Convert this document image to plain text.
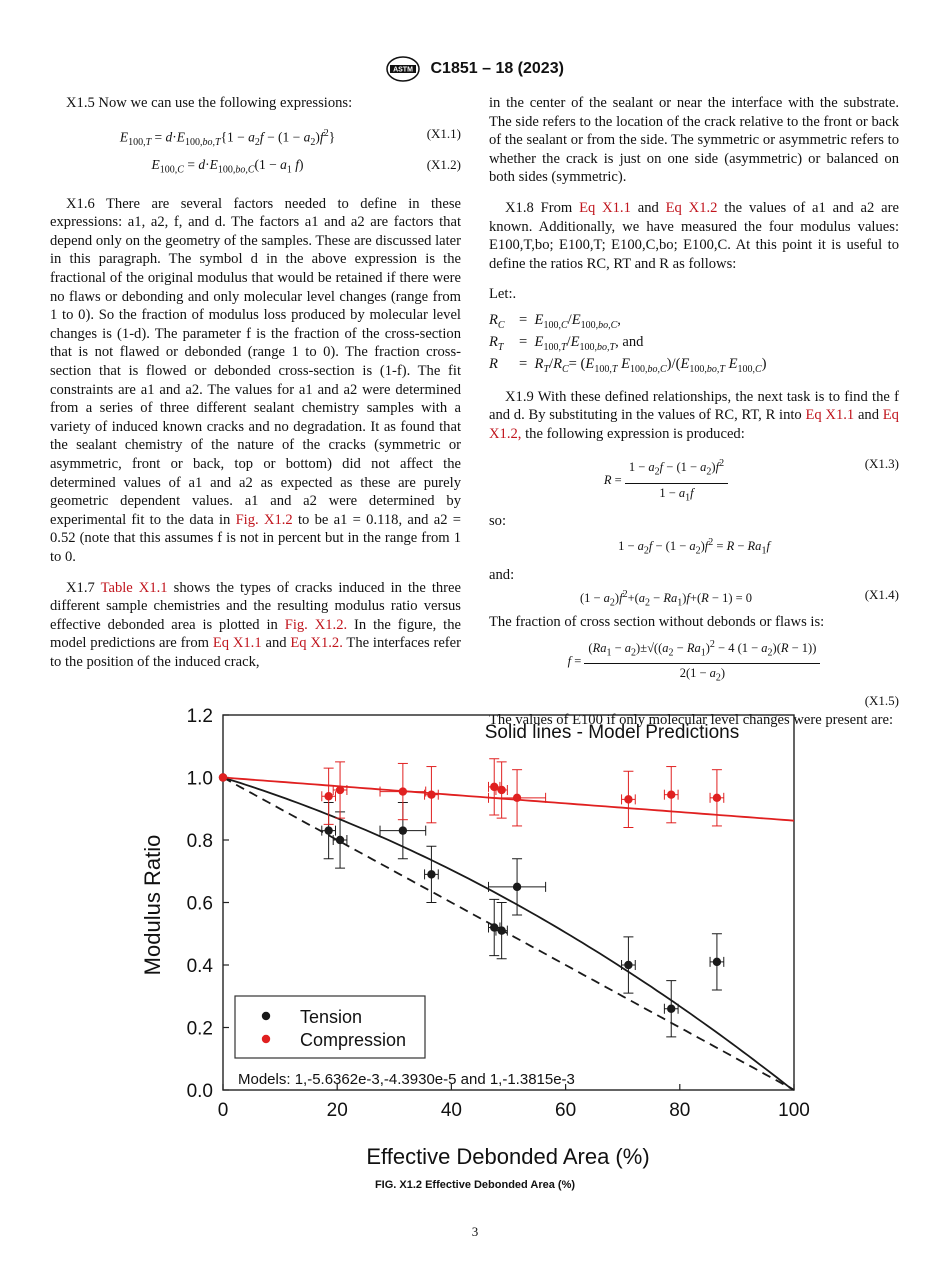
ASTM C1851 – 18 (2023)

X1.5 Now we can use the following expressions:

$E_{100,T} = d\cdot E_{100,bo,T}\{1 - a_2f - (1 - a_2)f^2\}$	(X1.1)
$E_{100,C} = d\cdot E_{100,bo,C}(1 - a_1$ f)	(X1.2)

X1.6 There are several factors needed to define in these expressions: a1, a2, f, and d. The factors a1 and a2 are factors that depend only on the geometry of the samples. These are discussed later in this paragraph. The symbol d in the above expression is the fractional of the original modulus that would be retained if there were no flaws or debonding and only molecular level changes (range from 1 to 0). So the fraction of modulus loss produced by molecular level changes is (1-d). The parameter f is the fraction of the cross-section that is not flawed or debonded (range 1 to 0). The fraction cross-section that is flowed or debonded cross-section is (1-f). The fit constraints are a1 and a2. The values for a1 and a2 were determined from a series of three different sealant chemistry samples with a variety of induced known cracks and no degradation. It as found that the sealant chemistry of the nature of the cracks (symmetric or asymmetric, front or back, top or bottom) did not affect the determined values of a1 and a2 as expected as these are purely geometric dependent values. a1 and a2 were determined by experimental fit to the data in Fig. X1.2 to be a1 = 0.118, and a2 = 0.52 (note that this assumes f is not in percent but in the range from 1 to 0.

X1.7 Table X1.1 shows the types of cracks induced in the three different sample chemistries and the resulting modulus ratio versus effective debonded area is plotted in Fig. X1.2. In the figure, the model predictions are from Eq X1.1 and Eq X1.2. The interfaces refer to the position of the induced crack,

in the center of the sealant or near the interface with the substrate. The side refers to the location of the crack relative to the front or back of the sealant or from the side. The symmetric or asymmetric refers to whether the crack is just on one side (asymmetric) or balanced on both sides (symmetric).

X1.8 From Eq X1.1 and Eq X1.2 the values of a1 and a2 are known. Additionally, we have measured the four modulus values: E100,T,bo; E100,T; E100,C,bo; E100,C. At this point it is useful to define the ratios RC, RT and R as follows:

Let:.
$R_C = E_{100,C}/E_{100,bo,C}$,
$R_T = E_{100,T}/E_{100,bo,T}$, and
$R = R_T/R_C= (E_{100,T}$ $E_{100,bo,C})/(E_{100,bo,T}$ $E_{100,C}$)

X1.9 With these defined relationships, the next task is to find the f and d. By substituting in the values of RC, RT, R into Eq X1.1 and Eq X1.2, the following expression is produced:

$R = \frac{1 - a_2f - (1 - a_2)f^2}{1 - a_1f}$	(X1.3)
so:
$1 - a_2f - (1 - a_2)f^2 = R - Ra_1f$
and:
$(1 - a_2)f^2+(a_2 - Ra_1)f+(R - 1) = 0$	(X1.4)
The fraction of cross section without debonds or flaws is:
$f = \frac{(Ra_1 - a_2)\pm√((a_2 - Ra_1)^2 - 4 (1 - a_2)(R - 1))}{2(1 - a_2)}$
(X1.5)
The values of E100 if only molecular level changes were present are:
0	20	40	60	80	100
0.0
0.2
0.4
0.6
0.8
1.0
1.2
Solid lines - Model Predictions
Effective Debonded Area (%)
Modulus Ratio
Tension
Compression
Models: 1,-5.6362e-3,-4.3930e-5 and 1,-1.3815e-3
FIG. X1.2 Effective Debonded Area (%)
3
